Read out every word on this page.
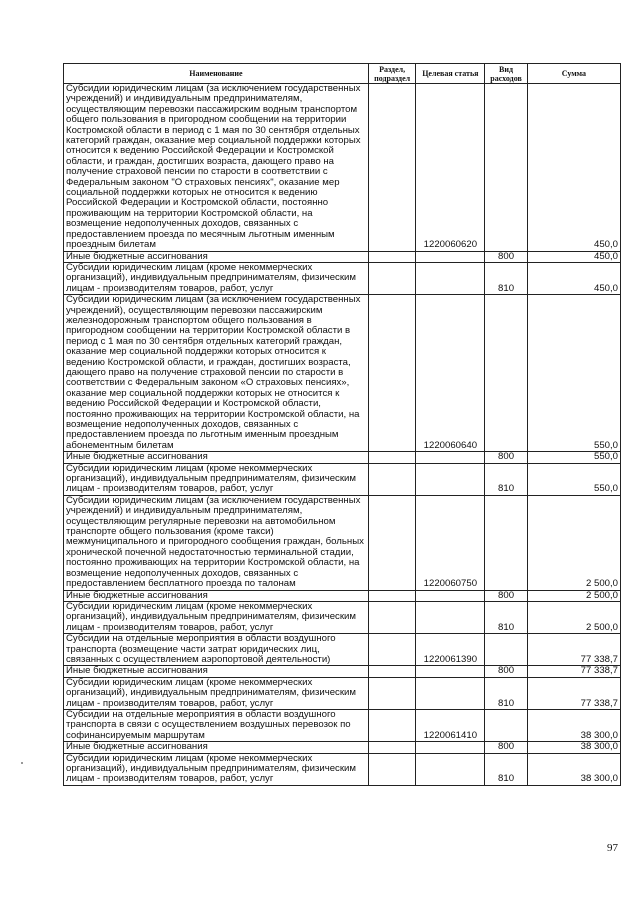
Наименование	Раздел, подраздел	Целевая статья	Вид расходов	Сумма
Субсидии юридическим лицам (за исключением государственных учреждений) и индивидуальным предпринимателям, осуществляющим перевозки пассажирским водным транспортом общего пользования в пригородном сообщении на территории Костромской области в период с 1 мая по 30 сентября отдельных категорий граждан, оказание мер социальной поддержки которых относится к ведению Российской Федерации и Костромской области, и граждан, достигших возраста, дающего право на получение страховой пенсии по старости в соответствии с Федеральным законом "О страховых пенсиях", оказание мер социальной поддержки которых не относится к ведению Российской Федерации и Костромской области, постоянно проживающим на территории Костромской области, на возмещение недополученных доходов, связанных с предоставлением проезда по месячным льготным именным проездным билетам		1220060620		450,0
Иные бюджетные ассигнования			800	450,0
Субсидии юридическим лицам (кроме некоммерческих организаций), индивидуальным предпринимателям, физическим лицам - производителям товаров, работ, услуг			810	450,0
Субсидии юридическим лицам (за исключением государственных учреждений), осуществляющим перевозки пассажирским железнодорожным транспортом общего пользования в пригородном сообщении на территории Костромской области в период с 1 мая по 30 сентября отдельных категорий граждан, оказание мер социальной поддержки которых относится к ведению Костромской области, и граждан, достигших возраста, дающего право на получение страховой пенсии по старости в соответствии с Федеральным законом «О страховых пенсиях», оказание мер социальной поддержки которых не относится к ведению Российской Федерации и Костромской области, постоянно проживающих на территории Костромской области, на возмещение недополученных доходов, связанных с предоставлением проезда по льготным именным проездным абонементным билетам		1220060640		550,0
Иные бюджетные ассигнования			800	550,0
Субсидии юридическим лицам (кроме некоммерческих организаций), индивидуальным предпринимателям, физическим лицам - производителям товаров, работ, услуг			810	550,0
Субсидии юридическим лицам (за исключением государственных учреждений) и индивидуальным предпринимателям, осуществляющим регулярные перевозки на автомобильном транспорте общего пользования (кроме такси) межмуниципального и пригородного сообщения граждан, больных хронической почечной недостаточностью терминальной стадии, постоянно проживающих на территории Костромской области, на возмещение недополученных доходов, связанных с предоставлением бесплатного проезда по талонам		1220060750		2 500,0
Иные бюджетные ассигнования			800	2 500,0
Субсидии юридическим лицам (кроме некоммерческих организаций), индивидуальным предпринимателям, физическим лицам - производителям товаров, работ, услуг			810	2 500,0
Субсидии на отдельные мероприятия в области воздушного транспорта (возмещение части затрат юридических лиц, связанных с осуществлением аэропортовой деятельности)		1220061390		77 338,7
Иные бюджетные ассигнования			800	77 338,7
Субсидии юридическим лицам (кроме некоммерческих организаций), индивидуальным предпринимателям, физическим лицам - производителям товаров, работ, услуг			810	77 338,7
Субсидии на отдельные мероприятия в области воздушного транспорта в связи с осуществлением воздушных перевозок по софинансируемым маршрутам		1220061410		38 300,0
Иные бюджетные ассигнования			800	38 300,0
Субсидии юридическим лицам (кроме некоммерческих организаций), индивидуальным предпринимателям, физическим лицам - производителям товаров, работ, услуг			810	38 300,0
97
